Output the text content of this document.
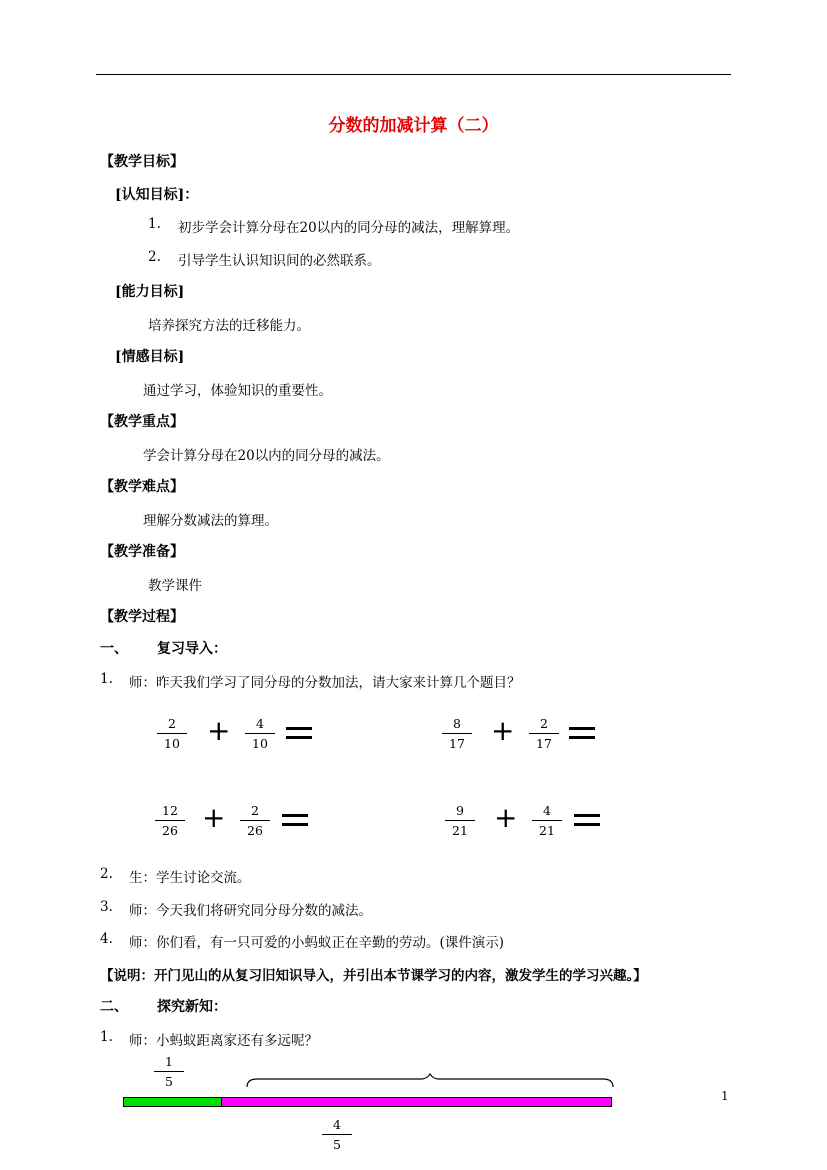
分数的加减计算（二）
【教学目标】
[认知目标]：
1. 初步学会计算分母在20以内的同分母的减法，理解算理。
2. 引导学生认识知识间的必然联系。
[能力目标]
培养探究方法的迁移能力。
[情感目标]
通过学习，体验知识的重要性。
【教学重点】
学会计算分母在20以内的同分母的减法。
【教学难点】
理解分数减法的算理。
【教学准备】
教学课件
【教学过程】
一、 复习导入：
1. 师：昨天我们学习了同分母的分数加法，请大家来计算几个题目？
2
10 +	4
10
8
17 +	2
17
12
26 +	2
26
9
21 +	4
21
2. 生：学生讨论交流。
3. 师：今天我们将研究同分母分数的减法。
4. 师：你们看，有一只可爱的小蚂蚁正在辛勤的劳动。(课件演示)
【说明：开门见山的从复习旧知识导入，并引出本节课学习的内容，激发学生的学习兴趣。】
二、 探究新知：
1. 师：小蚂蚁距离家还有多远呢？
1
5
4
5
1
